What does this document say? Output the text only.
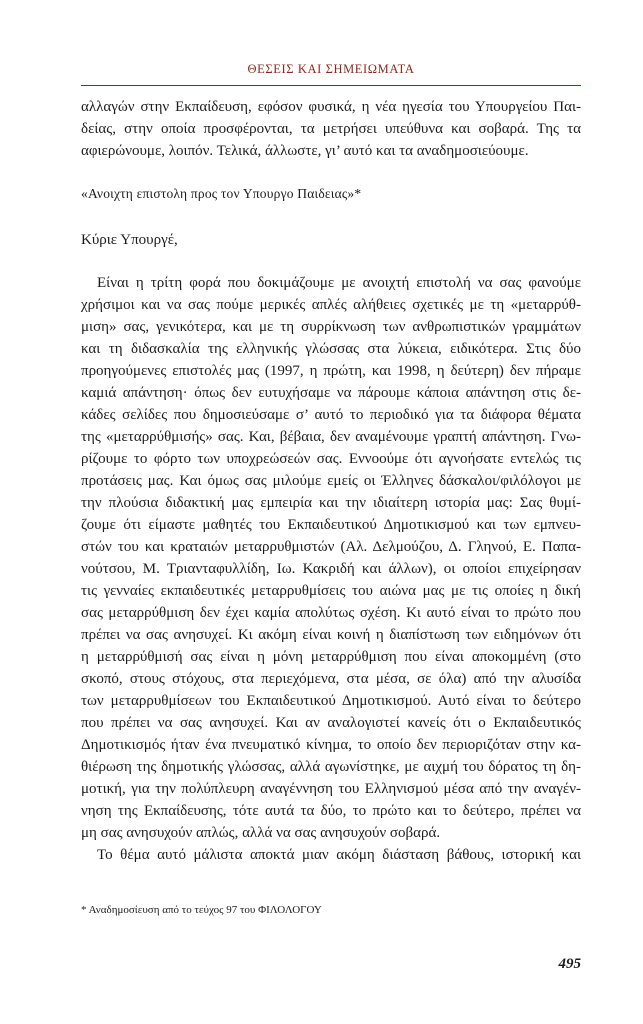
ΘΕΣΕΙΣ ΚΑΙ ΣΗΜΕΙΩΜΑΤΑ
αλλαγών στην Εκπαίδευση, εφόσον φυσικά, η νέα ηγεσία του Υπουργείου Παι-
δείας, στην οποία προσφέρονται, τα μετρήσει υπεύθυνα και σοβαρά. Της τα
αφιερώνουμε, λοιπόν. Τελικά, άλλωστε, γι’ αυτό και τα αναδημοσιεύουμε.
«Ανοιχτη επιστολη προς τον Υπουργο Παιδειας»*
Κύριε Υπουργέ,
Είναι η τρίτη φορά που δοκιμάζουμε με ανοιχτή επιστολή να σας φανούμε
χρήσιμοι και να σας πούμε μερικές απλές αλήθειες σχετικές με τη «μεταρρύθ-
μιση» σας, γενικότερα, και με τη συρρίκνωση των ανθρωπιστικών γραμμάτων
και τη διδασκαλία της ελληνικής γλώσσας στα λύκεια, ειδικότερα. Στις δύο
προηγούμενες επιστολές μας (1997, η πρώτη, και 1998, η δεύτερη) δεν πήραμε
καμιά απάντηση· όπως δεν ευτυχήσαμε να πάρουμε κάποια απάντηση στις δε-
κάδες σελίδες που δημοσιεύσαμε σ’ αυτό το περιοδικό για τα διάφορα θέματα
της «μεταρρύθμισής» σας. Και, βέβαια, δεν αναμένουμε γραπτή απάντηση. Γνω-
ρίζουμε το φόρτο των υποχρεώσεών σας. Εννοούμε ότι αγνοήσατε εντελώς τις
προτάσεις μας. Και όμως σας μιλούμε εμείς οι Έλληνες δάσκαλοι/φιλόλογοι με
την πλούσια διδακτική μας εμπειρία και την ιδιαίτερη ιστορία μας: Σας θυμί-
ζουμε ότι είμαστε μαθητές του Εκπαιδευτικού Δημοτικισμού και των εμπνευ-
στών του και κραταιών μεταρρυθμιστών (Αλ. Δελμούζου, Δ. Γληνού, Ε. Παπα-
νούτσου, Μ. Τριανταφυλλίδη, Ιω. Κακριδή και άλλων), οι οποίοι επιχείρησαν
τις γενναίες εκπαιδευτικές μεταρρυθμίσεις του αιώνα μας με τις οποίες η δική
σας μεταρρύθμιση δεν έχει καμία απολύτως σχέση. Κι αυτό είναι το πρώτο που
πρέπει να σας ανησυχεί. Κι ακόμη είναι κοινή η διαπίστωση των ειδημόνων ότι
η μεταρρύθμισή σας είναι η μόνη μεταρρύθμιση που είναι αποκομμένη (στο
σκοπό, στους στόχους, στα περιεχόμενα, στα μέσα, σε όλα) από την αλυσίδα
των μεταρρυθμίσεων του Εκπαιδευτικού Δημοτικισμού. Αυτό είναι το δεύτερο
που πρέπει να σας ανησυχεί. Και αν αναλογιστεί κανείς ότι ο Εκπαιδευτικός
Δημοτικισμός ήταν ένα πνευματικό κίνημα, το οποίο δεν περιοριζόταν στην κα-
θιέρωση της δημοτικής γλώσσας, αλλά αγωνίστηκε, με αιχμή του δόρατος τη δη-
μοτική, για την πολύπλευρη αναγέννηση του Ελληνισμού μέσα από την αναγέν-
νηση της Εκπαίδευσης, τότε αυτά τα δύο, το πρώτο και το δεύτερο, πρέπει να
μη σας ανησυχούν απλώς, αλλά να σας ανησυχούν σοβαρά.
Το θέμα αυτό μάλιστα αποκτά μιαν ακόμη διάσταση βάθους, ιστορική και
* Αναδημοσίευση από το τεύχος 97 του ΦΙΛΟΛΟΓΟΥ
495
